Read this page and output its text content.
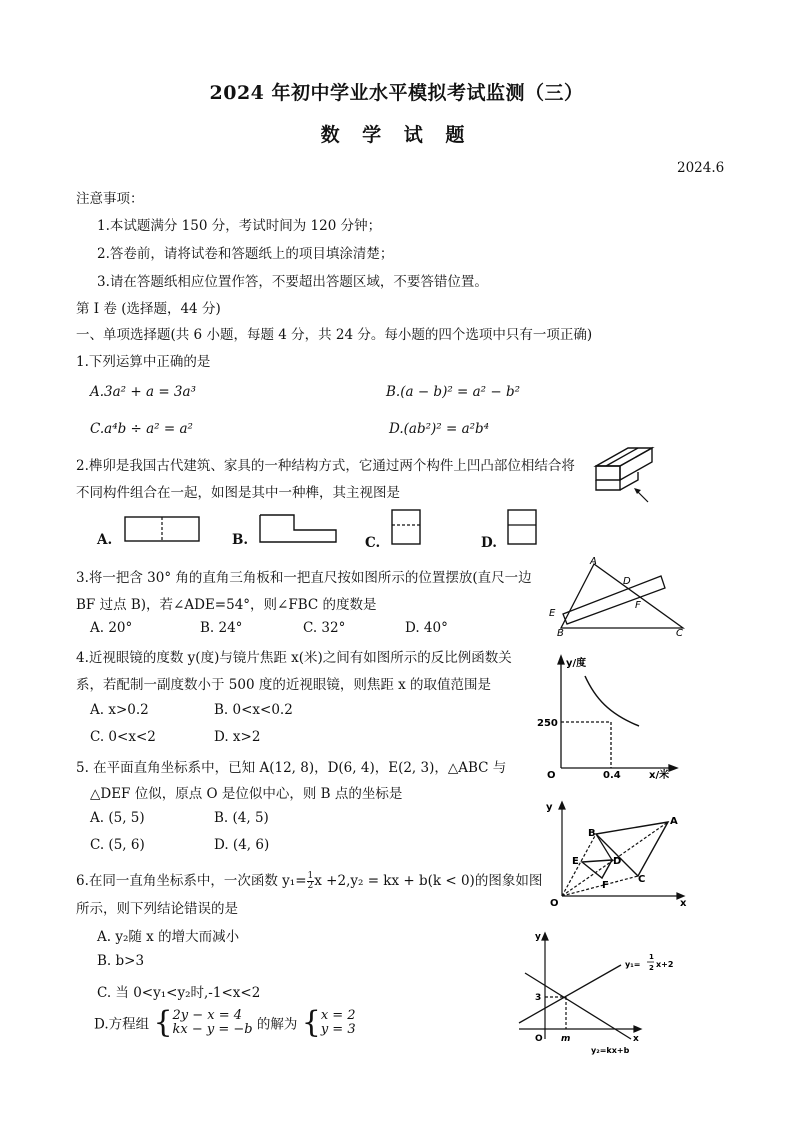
2024 年初中学业水平模拟考试监测（三）
数 学 试 题
2024.6
注意事项：
1.本试题满分 150 分，考试时间为 120 分钟；
2.答卷前，请将试卷和答题纸上的项目填涂清楚；
3.请在答题纸相应位置作答，不要超出答题区域，不要答错位置。
第 I 卷 (选择题，44 分)
一、单项选择题(共 6 小题，每题 4 分，共 24 分。每小题的四个选项中只有一项正确)
1.下列运算中正确的是
A.3a² + a = 3a³	B.(a − b)² = a² − b²
C.a⁴b ÷ a² = a²	D.(ab²)² = a²b⁴
2.榫卯是我国古代建筑、家具的一种结构方式，它通过两个构件上凹凸部位相结合将
不同构件组合在一起，如图是其中一种榫，其主视图是
A.	B.	C.	D.
3.将一把含 30° 角的直角三角板和一把直尺按如图所示的位置摆放(直尺一边
BF 过点 B)，若∠ADE=54°，则∠FBC 的度数是
A. 20°	B. 24°	C. 32°	D. 40°
A
D
E
F
B	C
4.近视眼镜的度数 y(度)与镜片焦距 x(米)之间有如图所示的反比例函数关
系，若配制一副度数小于 500 度的近视眼镜，则焦距 x 的取值范围是
A. x>0.2	B. 0<x<0.2
C. 0<x<2	D. x>2
y/度
x/米
250
0.4
O
5. 在平面直角坐标系中，已知 A(12, 8)，D(6, 4)，E(2, 3)，△ABC 与
△DEF 位似，原点 O 是位似中心，则 B 点的坐标是
A. (5, 5)	B. (4, 5)
C. (5, 6)	D. (4, 6)
y
x
O
A
B
C
D
E
F
6.在同一直角坐标系中，一次函数 $y_1= \frac{1}{2}$ x +2,y₂ = kx + b(k < 0)的图象如图
所示，则下列结论错误的是
A. y₂随 x 的增大而减小
B. b>3
C. 当 0<y₁<y₂时,-1<x<2
D.方程组 { 2y − x = 4
kx − y = −b 的解为 { x = 2
y = 3
y
x
O m
3
y₁=
1
2 x+2
y₂=kx+b
